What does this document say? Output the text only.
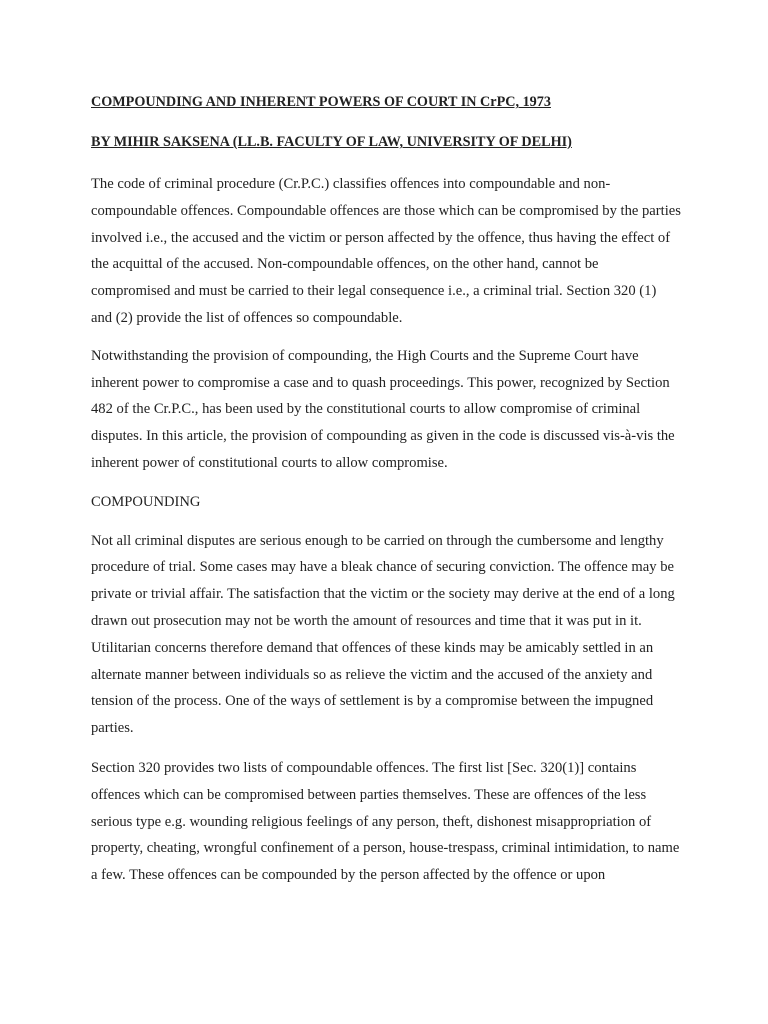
COMPOUNDING AND INHERENT POWERS OF COURT IN CrPC, 1973

BY MIHIR SAKSENA (LL.B. FACULTY OF LAW, UNIVERSITY OF DELHI)

The code of criminal procedure (Cr.P.C.) classifies offences into compoundable and non-compoundable offences. Compoundable offences are those which can be compromised by the parties involved i.e., the accused and the victim or person affected by the offence, thus having the effect of the acquittal of the accused. Non-compoundable offences, on the other hand, cannot be compromised and must be carried to their legal consequence i.e., a criminal trial. Section 320 (1) and (2) provide the list of offences so compoundable.

Notwithstanding the provision of compounding, the High Courts and the Supreme Court have inherent power to compromise a case and to quash proceedings. This power, recognized by Section 482 of the Cr.P.C., has been used by the constitutional courts to allow compromise of criminal disputes. In this article, the provision of compounding as given in the code is discussed vis-à-vis the inherent power of constitutional courts to allow compromise.

COMPOUNDING

Not all criminal disputes are serious enough to be carried on through the cumbersome and lengthy procedure of trial. Some cases may have a bleak chance of securing conviction. The offence may be private or trivial affair. The satisfaction that the victim or the society may derive at the end of a long drawn out prosecution may not be worth the amount of resources and time that it was put in it. Utilitarian concerns therefore demand that offences of these kinds may be amicably settled in an alternate manner between individuals so as relieve the victim and the accused of the anxiety and tension of the process. One of the ways of settlement is by a compromise between the impugned parties.

Section 320 provides two lists of compoundable offences. The first list [Sec. 320(1)] contains offences which can be compromised between parties themselves. These are offences of the less serious type e.g. wounding religious feelings of any person, theft, dishonest misappropriation of property, cheating, wrongful confinement of a person, house-trespass, criminal intimidation, to name a few. These offences can be compounded by the person affected by the offence or upon
